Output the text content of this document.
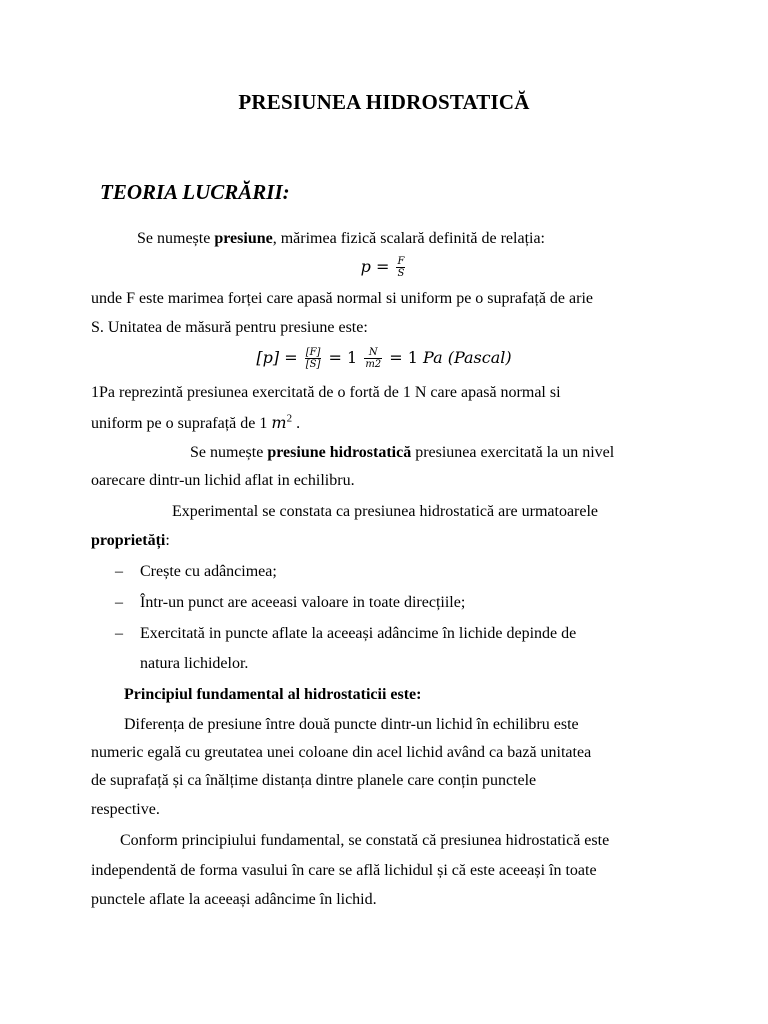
PRESIUNEA HIDROSTATICĂ
TEORIA LUCRĂRII:
Se numește presiune, mărimea fizică scalară definită de relația:
$p = \frac{F}{S}$
unde F este marimea forței care apasă normal si uniform pe o suprafață de arie
S. Unitatea de măsură pentru presiune este:
$[p] = \frac{[F]}{[S]} = 1 \frac{N}{m2} = 1$ Pa (Pascal)
1Pa reprezintă presiunea exercitată de o fortă de 1 N care apasă normal si
uniform pe o suprafață de 1 $m^2$ .
Se numește presiune hidrostatică presiunea exercitată la un nivel
oarecare dintr-un lichid aflat in echilibru.
Experimental se constata ca presiunea hidrostatică are urmatoarele
proprietăți:
– Crește cu adâncimea;
– Într-un punct are aceeasi valoare in toate direcțiile;
– Exercitată in puncte aflate la aceeași adâncime în lichide depinde de
natura lichidelor.
Principiul fundamental al hidrostaticii este:
Diferența de presiune între două puncte dintr-un lichid în echilibru este
numeric egală cu greutatea unei coloane din acel lichid având ca bază unitatea
de suprafață și ca înălțime distanța dintre planele care conțin punctele
respective.
Conform principiului fundamental, se constată că presiunea hidrostatică este
independentă de forma vasului în care se află lichidul și că este aceeași în toate
punctele aflate la aceeași adâncime în lichid.
